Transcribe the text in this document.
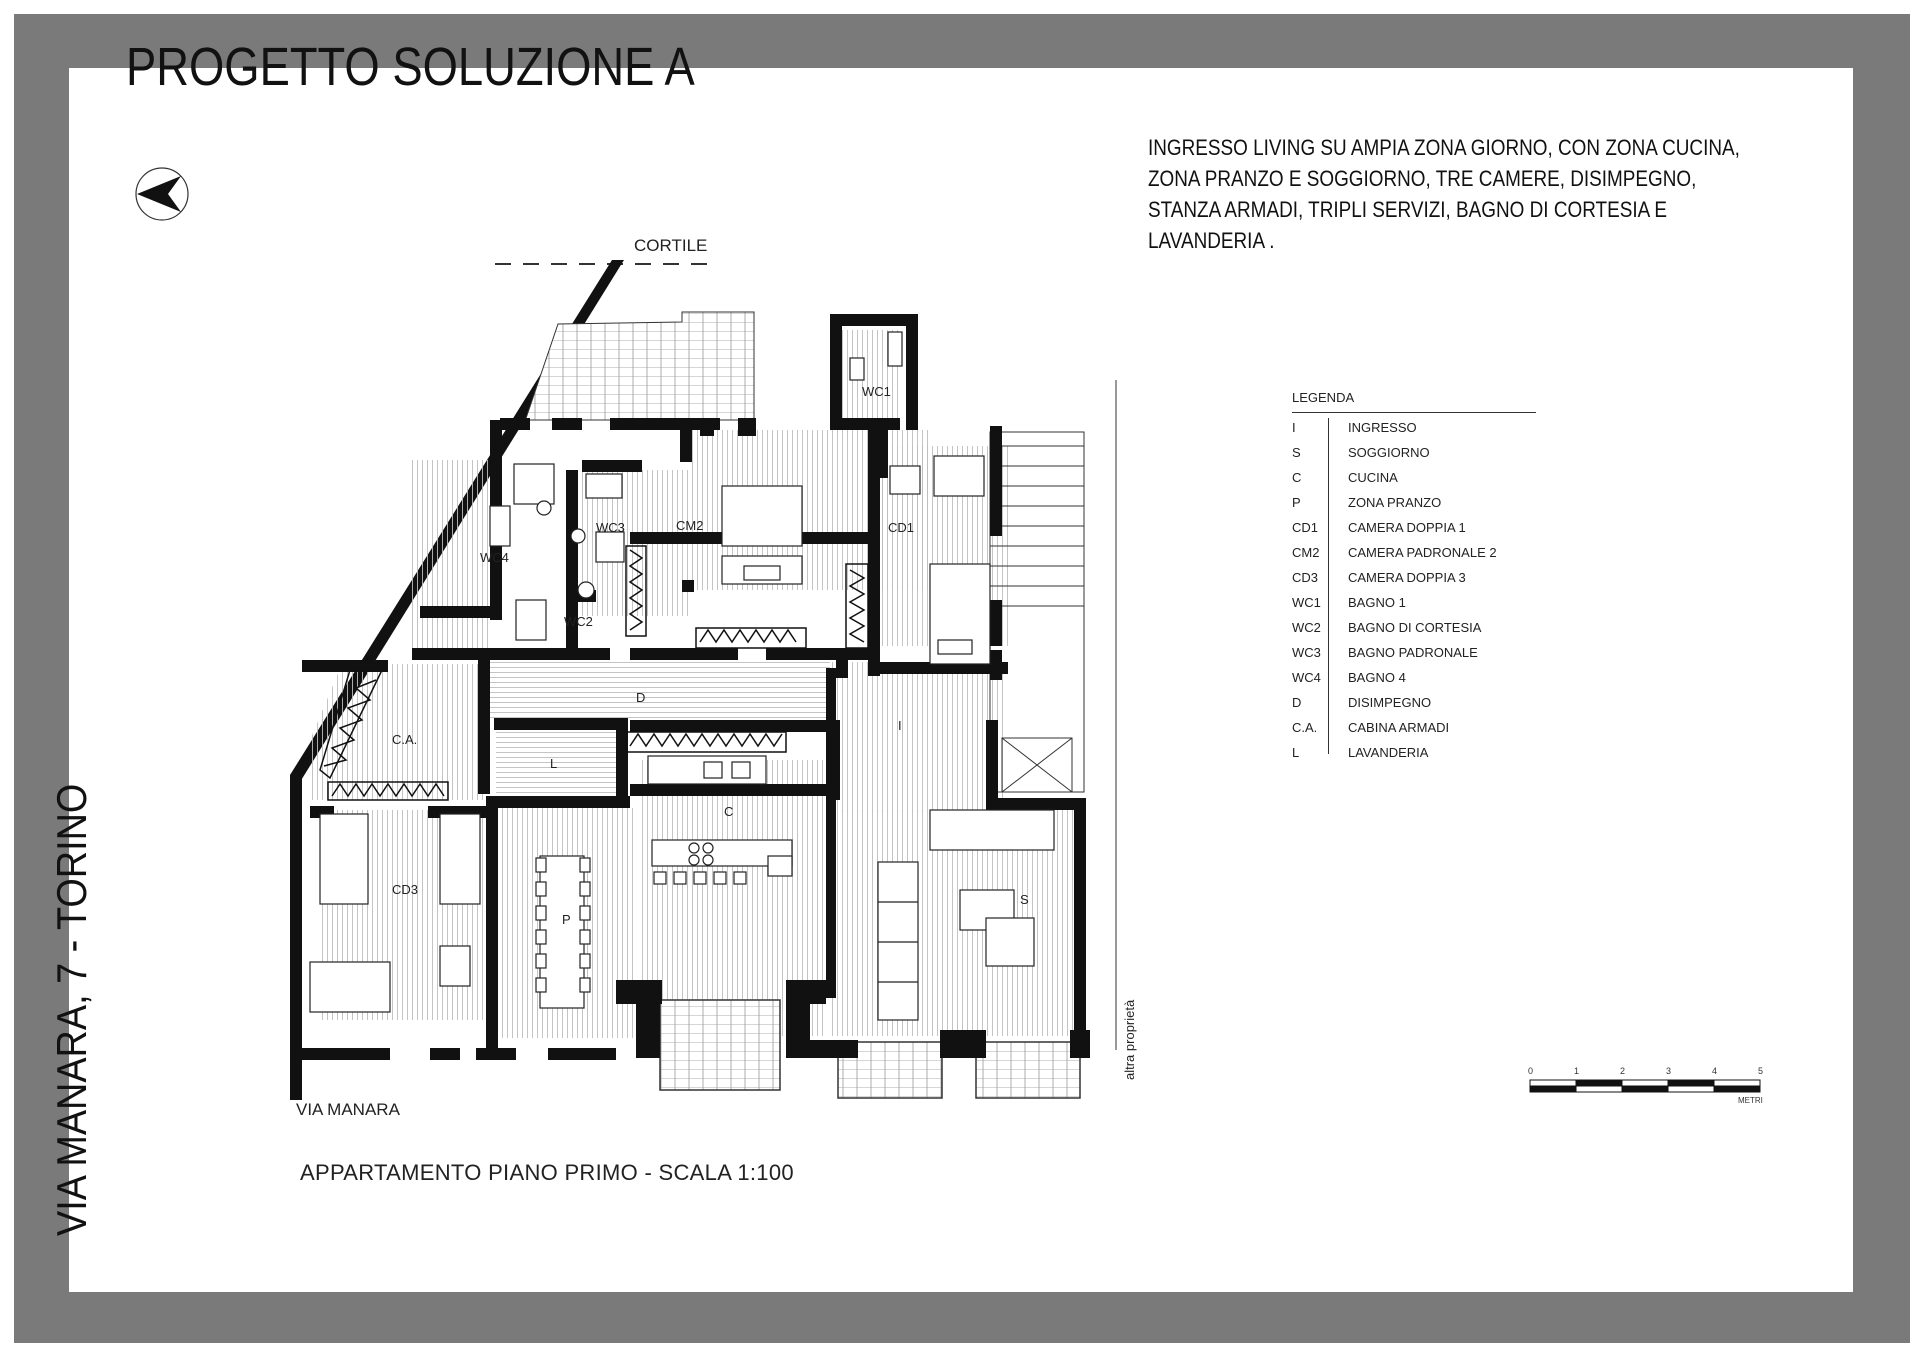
PROGETTO SOLUZIONE A
VIA MANARA, 7 - TORINO
INGRESSO LIVING SU AMPIA ZONA GIORNO, CON ZONA CUCINA,
ZONA PRANZO E SOGGIORNO, TRE CAMERE, DISIMPEGNO,
STANZA ARMADI, TRIPLI SERVIZI, BAGNO DI CORTESIA E
LAVANDERIA .
CORTILE
VIA MANARA
APPARTAMENTO PIANO PRIMO - SCALA 1:100
altra proprietà
WC1
WC2
WC3
WC4
CM2	CD1
CD3
D
C.A.
L
C
I
P
S
LEGENDA
I	INGRESSO
S	SOGGIORNO
C	CUCINA
P	ZONA PRANZO
CD1 CAMERA DOPPIA 1
CM2 CAMERA PADRONALE 2
CD3 CAMERA DOPPIA 3
WC1 BAGNO 1
WC2 BAGNO DI CORTESIA
WC3 BAGNO PADRONALE
WC4 BAGNO 4
D	DISIMPEGNO
C.A. CABINA ARMADI
L	LAVANDERIA
0	1	2	3	4	5
METRI
